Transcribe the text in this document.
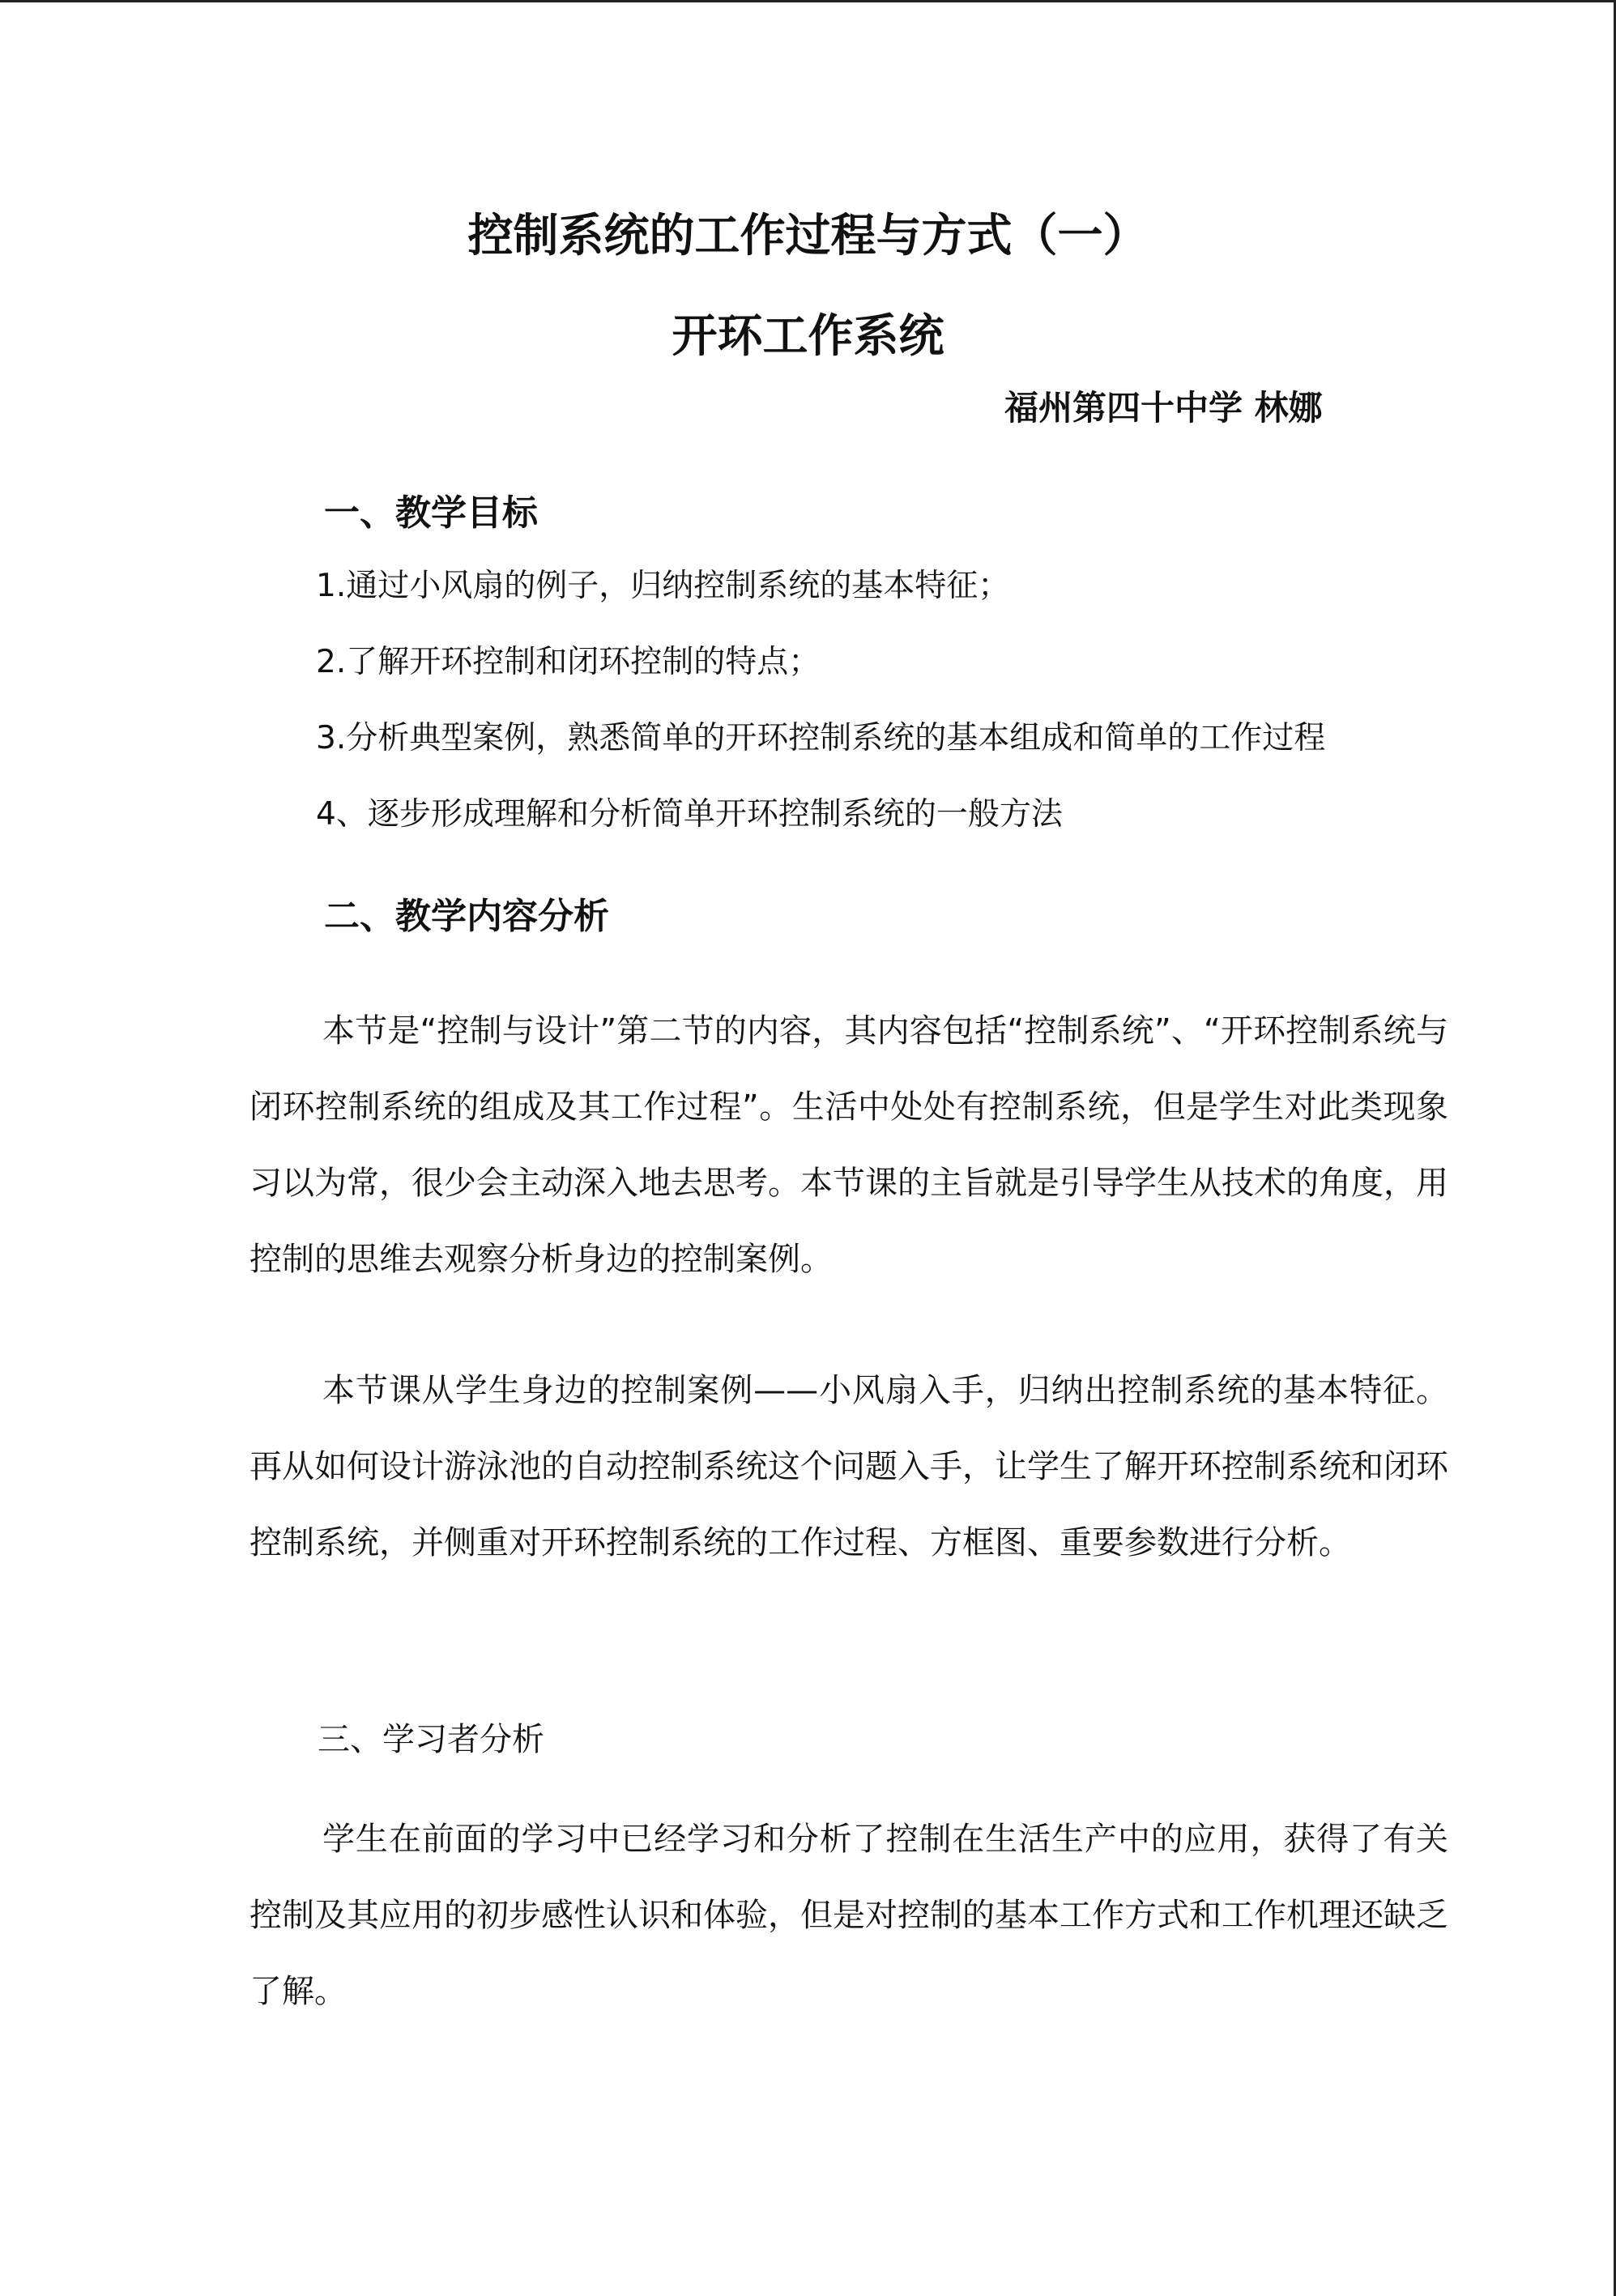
控制系统的工作过程与方式（一）
开环工作系统
福州第四十中学 林娜
一、教学目标
1.通过小风扇的例子，归纳控制系统的基本特征；
2.了解开环控制和闭环控制的特点；
3.分析典型案例，熟悉简单的开环控制系统的基本组成和简单的工作过程
4、逐步形成理解和分析简单开环控制系统的一般方法
二、教学内容分析

本节是“控制与设计”第二节的内容，其内容包括“控制系统”、“开环控制系统与闭环控制系统的组成及其工作过程”。生活中处处有控制系统，但是学生对此类现象习以为常，很少会主动深入地去思考。本节课的主旨就是引导学生从技术的角度，用控制的思维去观察分析身边的控制案例。

本节课从学生身边的控制案例——小风扇入手，归纳出控制系统的基本特征。再从如何设计游泳池的自动控制系统这个问题入手，让学生了解开环控制系统和闭环控制系统，并侧重对开环控制系统的工作过程、方框图、重要参数进行分析。

三、学习者分析

学生在前面的学习中已经学习和分析了控制在生活生产中的应用，获得了有关控制及其应用的初步感性认识和体验，但是对控制的基本工作方式和工作机理还缺乏了解。
